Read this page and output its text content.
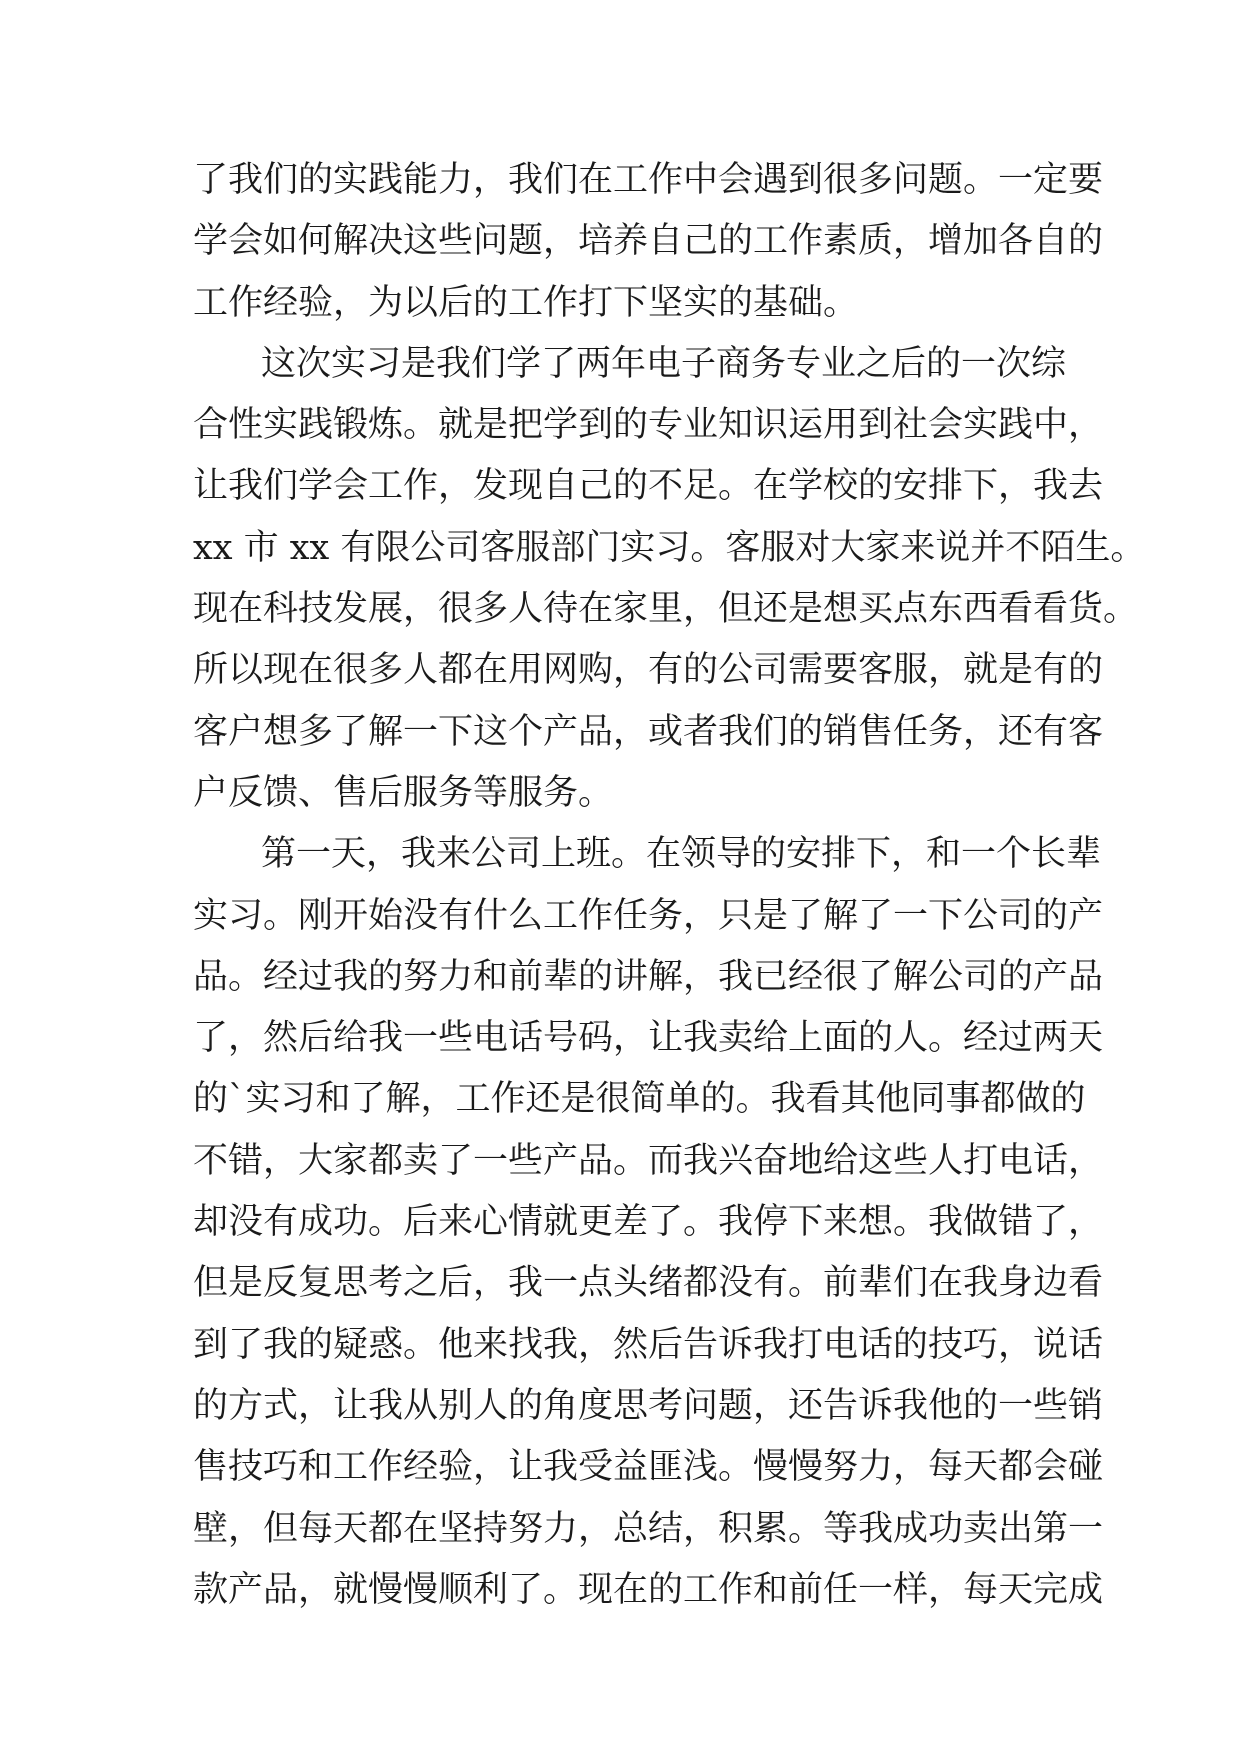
了我们的实践能力，我们在工作中会遇到很多问题。一定要
学会如何解决这些问题，培养自己的工作素质，增加各自的
工作经验，为以后的工作打下坚实的基础。
这次实习是我们学了两年电子商务专业之后的一次综
合性实践锻炼。就是把学到的专业知识运用到社会实践中，
让我们学会工作，发现自己的不足。在学校的安排下，我去
xx 市 xx 有限公司客服部门实习。客服对大家来说并不陌生。
现在科技发展，很多人待在家里，但还是想买点东西看看货。
所以现在很多人都在用网购，有的公司需要客服，就是有的
客户想多了解一下这个产品，或者我们的销售任务，还有客
户反馈、售后服务等服务。
第一天，我来公司上班。在领导的安排下，和一个长辈
实习。刚开始没有什么工作任务，只是了解了一下公司的产
品。经过我的努力和前辈的讲解，我已经很了解公司的产品
了，然后给我一些电话号码，让我卖给上面的人。经过两天
的`实习和了解，工作还是很简单的。我看其他同事都做的
不错，大家都卖了一些产品。而我兴奋地给这些人打电话，
却没有成功。后来心情就更差了。我停下来想。我做错了，
但是反复思考之后，我一点头绪都没有。前辈们在我身边看
到了我的疑惑。他来找我，然后告诉我打电话的技巧，说话
的方式，让我从别人的角度思考问题，还告诉我他的一些销
售技巧和工作经验，让我受益匪浅。慢慢努力，每天都会碰
壁，但每天都在坚持努力，总结，积累。等我成功卖出第一
款产品，就慢慢顺利了。现在的工作和前任一样，每天完成
